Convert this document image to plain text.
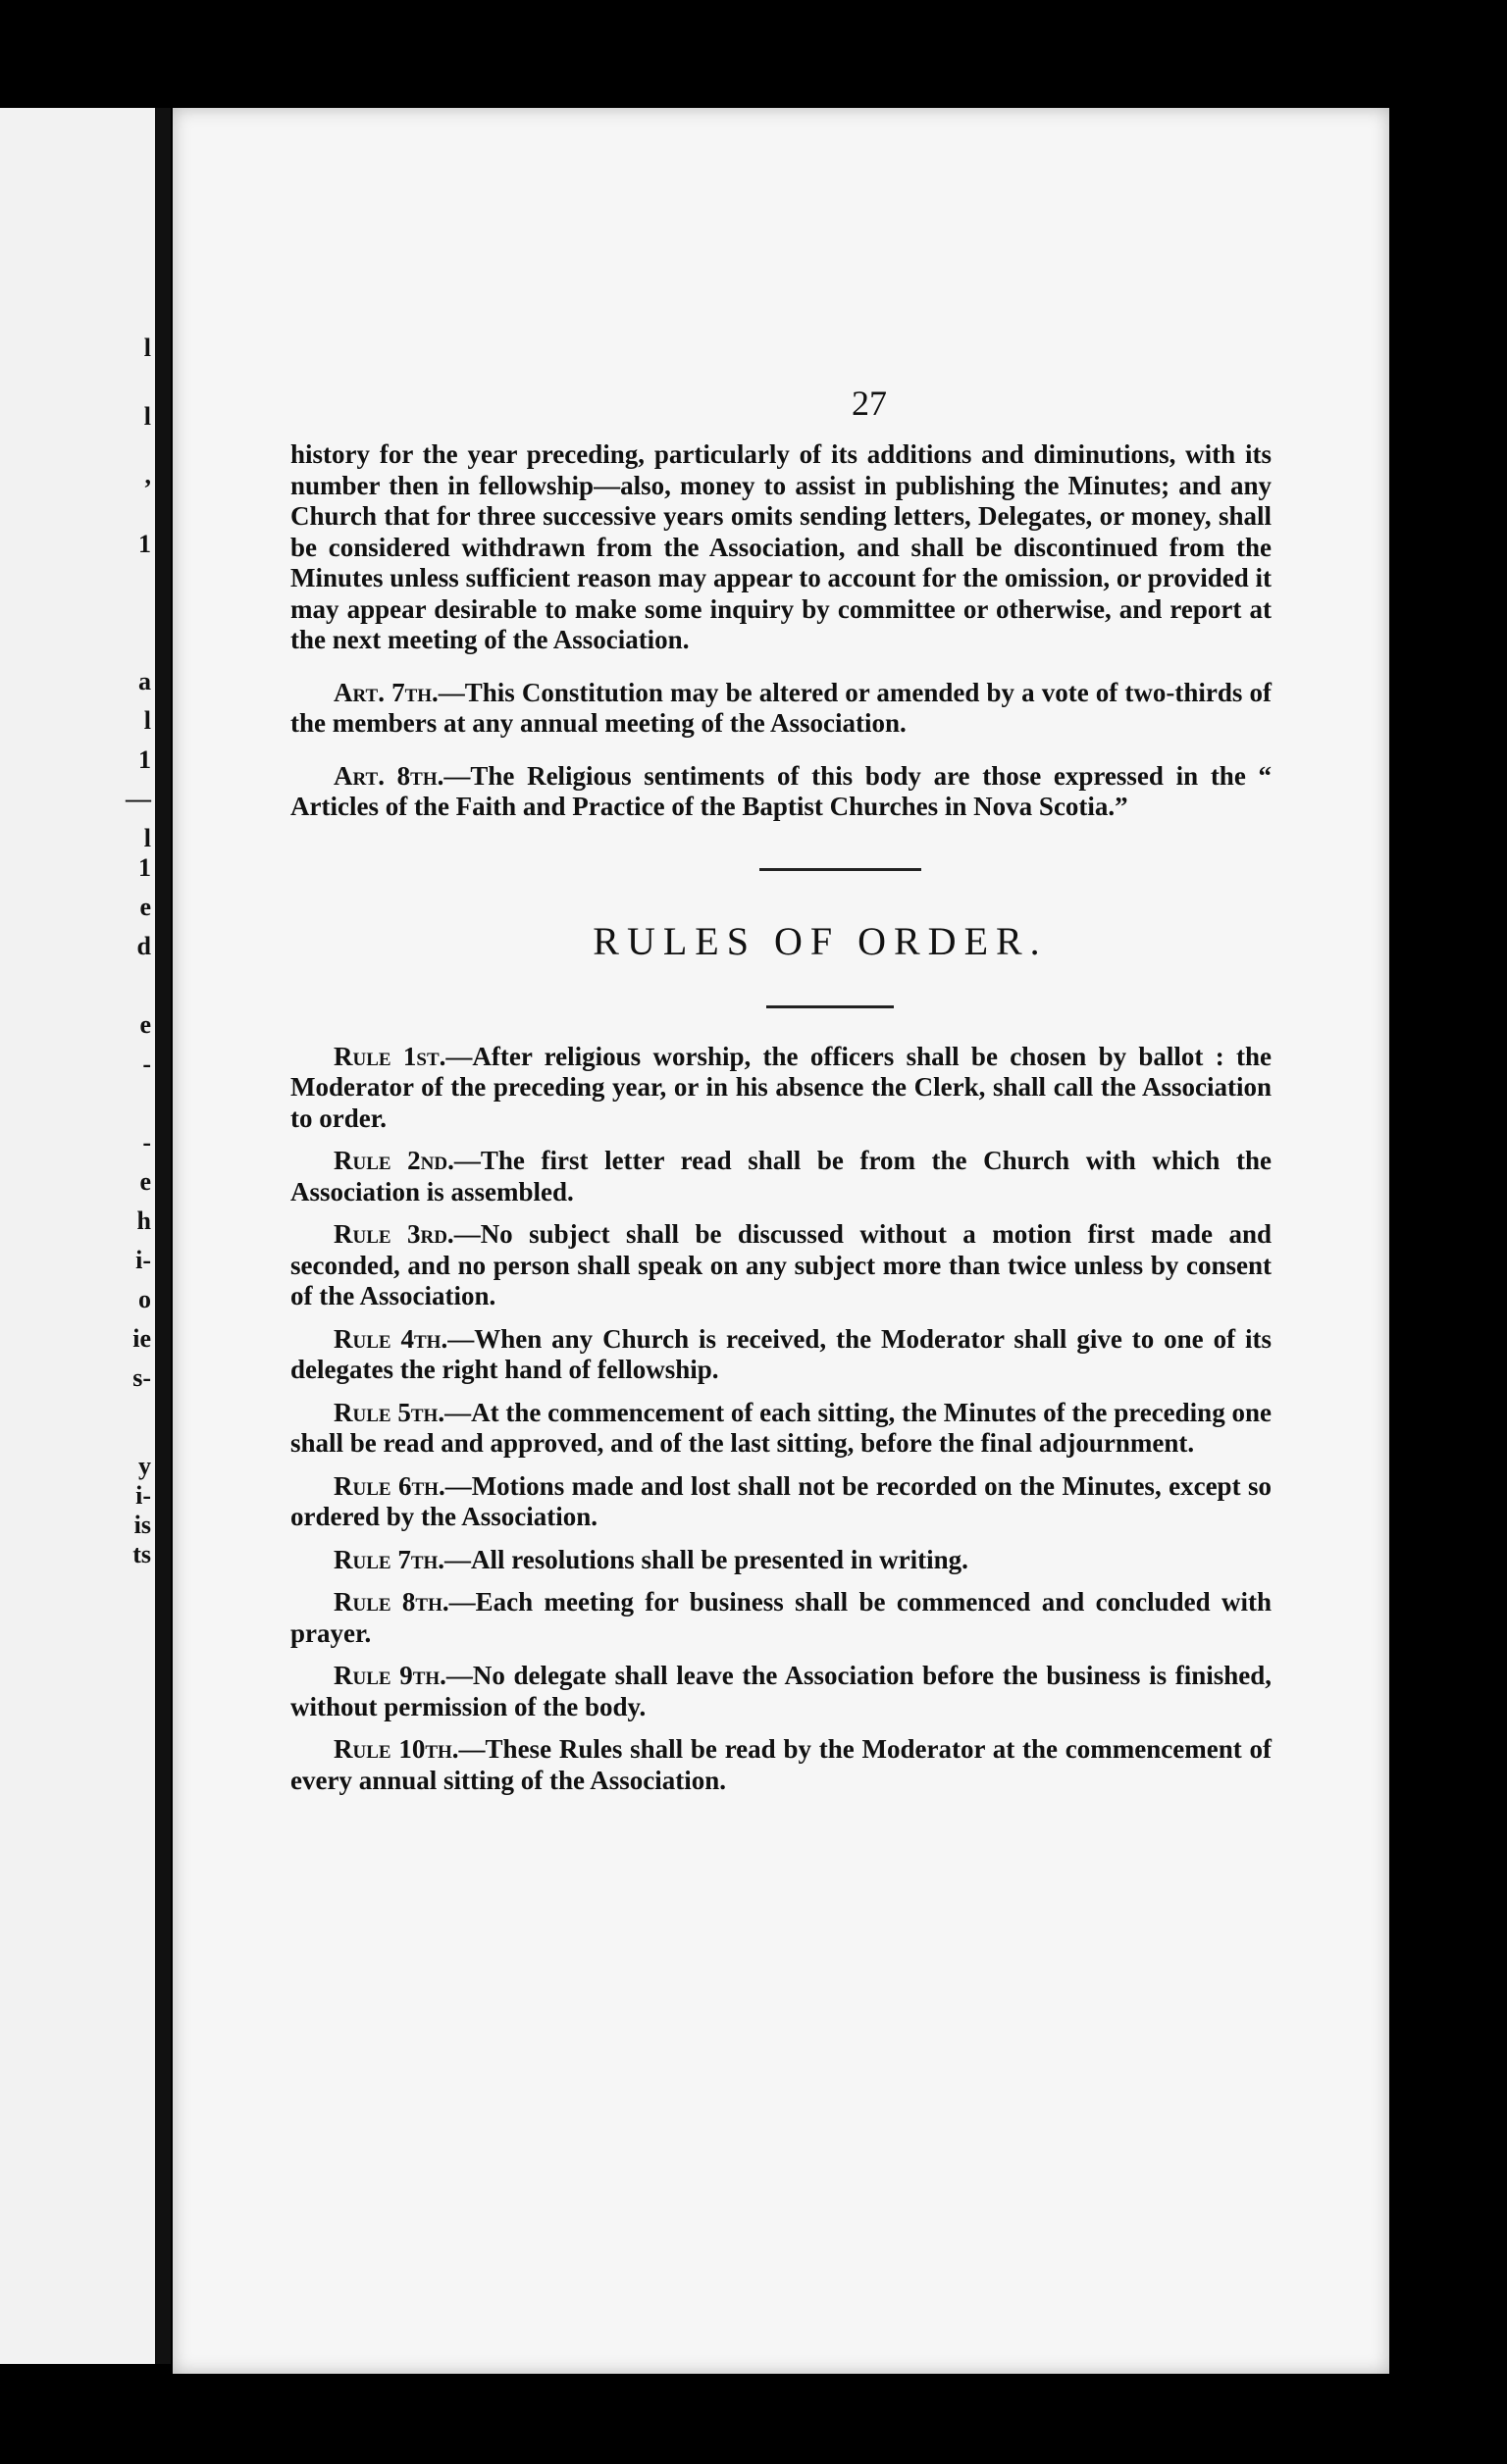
l
l
,
1
a
l
1
—
l
1
e
d
e
-
-
e
h
i-
o
ie
s-
y
i-
is
ts
27

history for the year preceding, particularly of its additions and diminutions, with its number then in fellowship—also, money to assist in publishing the Minutes; and any Church that for three successive years omits sending letters, Delegates, or money, shall be considered withdrawn from the Association, and shall be discontinued from the Minutes unless sufficient reason may appear to account for the omission, or provided it may appear desirable to make some inquiry by committee or otherwise, and report at the next meeting of the Association.

Art. 7th.—This Constitution may be altered or amended by a vote of two-thirds of the members at any annual meeting of the Association.

Art. 8th.—The Religious sentiments of this body are those expressed in the “ Articles of the Faith and Practice of the Baptist Churches in Nova Scotia.”

RULES OF ORDER.

Rule 1st.—After religious worship, the officers shall be chosen by ballot : the Moderator of the preceding year, or in his absence the Clerk, shall call the Association to order.

Rule 2nd.—The first letter read shall be from the Church with which the Association is assembled.

Rule 3rd.—No subject shall be discussed without a motion first made and seconded, and no person shall speak on any subject more than twice unless by consent of the Association.

Rule 4th.—When any Church is received, the Moderator shall give to one of its delegates the right hand of fellowship.

Rule 5th.—At the commencement of each sitting, the Minutes of the preceding one shall be read and approved, and of the last sitting, before the final adjournment.

Rule 6th.—Motions made and lost shall not be recorded on the Minutes, except so ordered by the Association.

Rule 7th.—All resolutions shall be presented in writing.

Rule 8th.—Each meeting for business shall be commenced and concluded with prayer.

Rule 9th.—No delegate shall leave the Association before the business is finished, without permission of the body.

Rule 10th.—These Rules shall be read by the Moderator at the commencement of every annual sitting of the Association.
